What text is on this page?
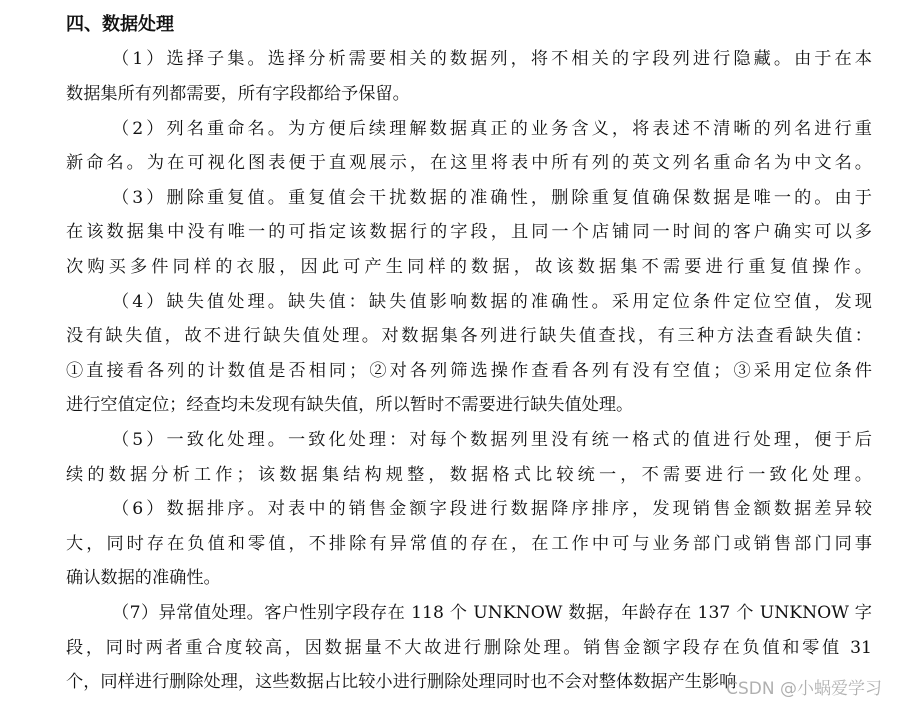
四、数据处理
（1）选择子集。选择分析需要相关的数据列，将不相关的字段列进行隐藏。由于在本
数据集所有列都需要，所有字段都给予保留。
（2）列名重命名。为方便后续理解数据真正的业务含义，将表述不清晰的列名进行重
新命名。为在可视化图表便于直观展示，在这里将表中所有列的英文列名重命名为中文名。
（3）删除重复值。重复值会干扰数据的准确性，删除重复值确保数据是唯一的。由于
在该数据集中没有唯一的可指定该数据行的字段，且同一个店铺同一时间的客户确实可以多
次购买多件同样的衣服，因此可产生同样的数据，故该数据集不需要进行重复值操作。
（4）缺失值处理。缺失值：缺失值影响数据的准确性。采用定位条件定位空值，发现
没有缺失值，故不进行缺失值处理。对数据集各列进行缺失值查找，有三种方法查看缺失值：
①直接看各列的计数值是否相同；②对各列筛选操作查看各列有没有空值；③采用定位条件
进行空值定位；经查均未发现有缺失值，所以暂时不需要进行缺失值处理。
（5）一致化处理。一致化处理：对每个数据列里没有统一格式的值进行处理，便于后
续的数据分析工作；该数据集结构规整，数据格式比较统一，不需要进行一致化处理。
（6）数据排序。对表中的销售金额字段进行数据降序排序，发现销售金额数据差异较
大，同时存在负值和零值，不排除有异常值的存在，在工作中可与业务部门或销售部门同事
确认数据的准确性。
（7）异常值处理。客户性别字段存在 118 个 UNKNOW 数据，年龄存在 137 个 UNKNOW 字
段，同时两者重合度较高，因数据量不大故进行删除处理。销售金额字段存在负值和零值 31
个，同样进行删除处理，这些数据占比较小进行删除处理同时也不会对整体数据产生影响
CSDN @小蜗爱学习
